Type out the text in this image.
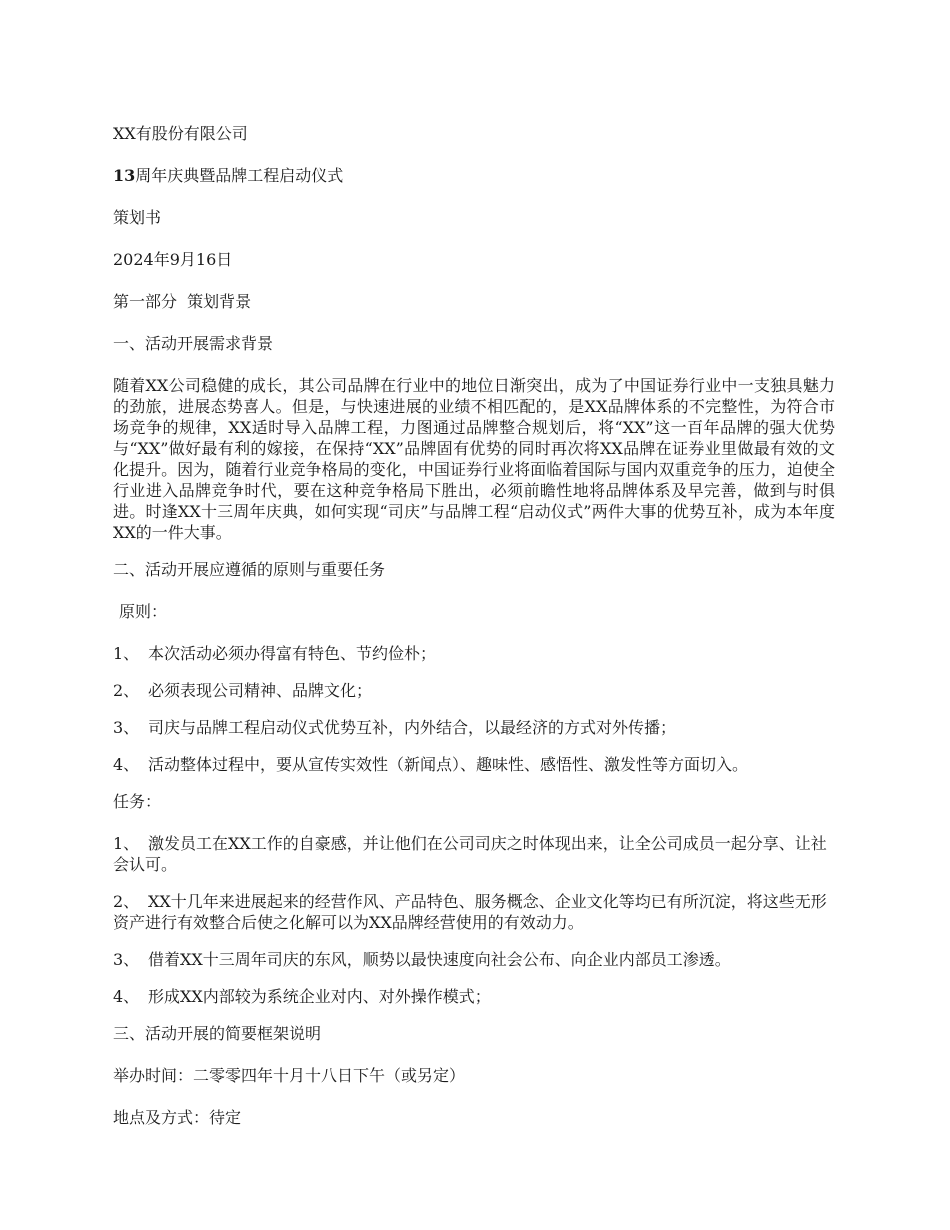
XX有股份有限公司

13周年庆典暨品牌工程启动仪式

策划书

2024年9月16日

第一部分  策划背景

一、活动开展需求背景

随着XX公司稳健的成长，其公司品牌在行业中的地位日渐突出，成为了中国证券行业中一支独具魅力的劲旅，进展态势喜人。但是，与快速进展的业绩不相匹配的，是XX品牌体系的不完整性，为符合市场竞争的规律，XX适时导入品牌工程，力图通过品牌整合规划后，将“XX”这一百年品牌的强大优势与“XX”做好最有利的嫁接，在保持“XX”品牌固有优势的同时再次将XX品牌在证券业里做最有效的文化提升。因为，随着行业竞争格局的变化，中国证券行业将面临着国际与国内双重竞争的压力，迫使全行业进入品牌竞争时代，要在这种竞争格局下胜出，必须前瞻性地将品牌体系及早完善，做到与时俱进。时逢XX十三周年庆典，如何实现“司庆”与品牌工程“启动仪式”两件大事的优势互补，成为本年度XX的一件大事。

二、活动开展应遵循的原则与重要任务

原则：

1、 本次活动必须办得富有特色、节约俭朴；
2、 必须表现公司精神、品牌文化；
3、 司庆与品牌工程启动仪式优势互补，内外结合，以最经济的方式对外传播；
4、 活动整体过程中，要从宣传实效性（新闻点）、趣味性、感悟性、激发性等方面切入。

任务：

1、 激发员工在XX工作的自豪感，并让他们在公司司庆之时体现出来，让全公司成员一起分享、让社会认可。
2、 XX十几年来进展起来的经营作风、产品特色、服务概念、企业文化等均已有所沉淀，将这些无形资产进行有效整合后使之化解可以为XX品牌经营使用的有效动力。
3、 借着XX十三周年司庆的东风，顺势以最快速度向社会公布、向企业内部员工渗透。
4、 形成XX内部较为系统企业对内、对外操作模式；

三、活动开展的简要框架说明

举办时间：二零零四年十月十八日下午（或另定）

地点及方式：待定
